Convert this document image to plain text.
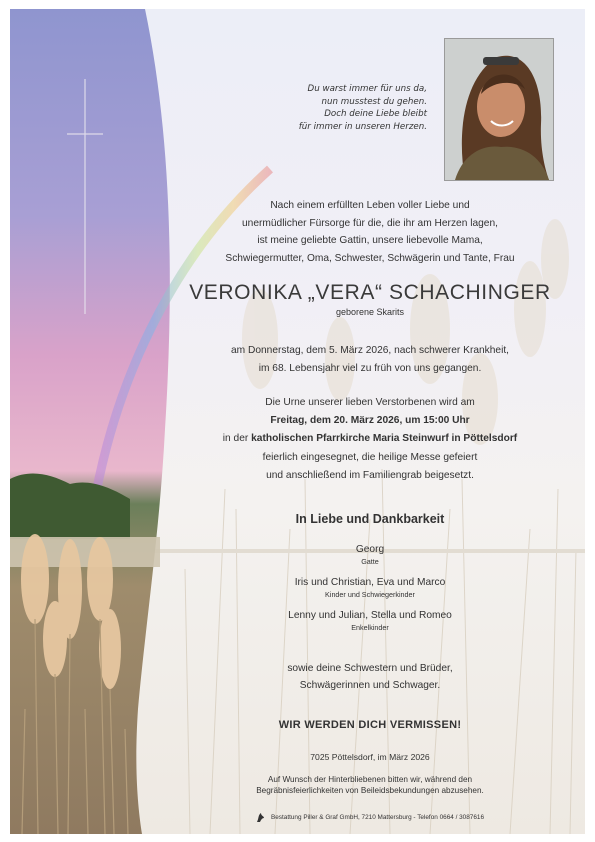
Du warst immer für uns da,
nun musstest du gehen.
Doch deine Liebe bleibt
für immer in unseren Herzen.
Nach einem erfüllten Leben voller Liebe und
unermüdlicher Fürsorge für die, die ihr am Herzen lagen,
ist meine geliebte Gattin, unsere liebevolle Mama,
Schwiegermutter, Oma, Schwester, Schwägerin und Tante, Frau
VERONIKA „VERA“ SCHACHINGER
geborene Skarits
am Donnerstag, dem 5. März 2026, nach schwerer Krankheit,
im 68. Lebensjahr viel zu früh von uns gegangen.
Die Urne unserer lieben Verstorbenen wird am
Freitag, dem 20. März 2026, um 15:00 Uhr
in der katholischen Pfarrkirche Maria Steinwurf in Pöttelsdorf
feierlich eingesegnet, die heilige Messe gefeiert
und anschließend im Familiengrab beigesetzt.
In Liebe und Dankbarkeit
Georg
Gatte
Iris und Christian, Eva und Marco
Kinder und Schwiegerkinder
Lenny und Julian, Stella und Romeo
Enkelkinder
sowie deine Schwestern und Brüder,
Schwägerinnen und Schwager.
WIR WERDEN DICH VERMISSEN!
7025 Pöttelsdorf, im März 2026
Auf Wunsch der Hinterbliebenen bitten wir, während den
Begräbnisfeierlichkeiten von Beileidsbekundungen abzusehen.
Bestattung Piller & Graf GmbH, 7210 Mattersburg - Telefon 0664 / 3087616
